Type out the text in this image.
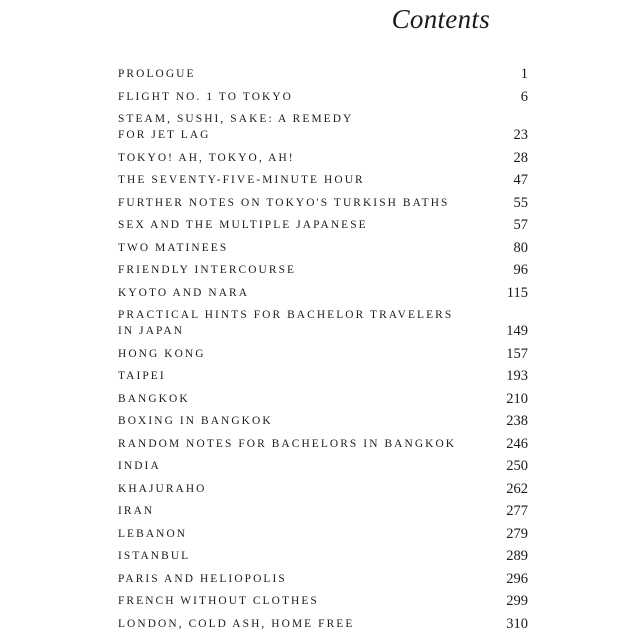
Contents
PROLOGUE	1
FLIGHT NO. 1 TO TOKYO	6
STEAM, SUSHI, SAKE: A REMEDY
FOR JET LAG	23
TOKYO! AH, TOKYO, AH!	28
THE SEVENTY-FIVE-MINUTE HOUR	47
FURTHER NOTES ON TOKYO'S TURKISH BATHS	55
SEX AND THE MULTIPLE JAPANESE	57
TWO MATINEES	80
FRIENDLY INTERCOURSE	96
KYOTO AND NARA	115
PRACTICAL HINTS FOR BACHELOR TRAVELERS
IN JAPAN	149
HONG KONG	157
TAIPEI	193
BANGKOK	210
BOXING IN BANGKOK	238
RANDOM NOTES FOR BACHELORS IN BANGKOK	246
INDIA	250
KHAJURAHO	262
IRAN	277
LEBANON	279
ISTANBUL	289
PARIS AND HELIOPOLIS	296
FRENCH WITHOUT CLOTHES	299
LONDON, COLD ASH, HOME FREE	310
